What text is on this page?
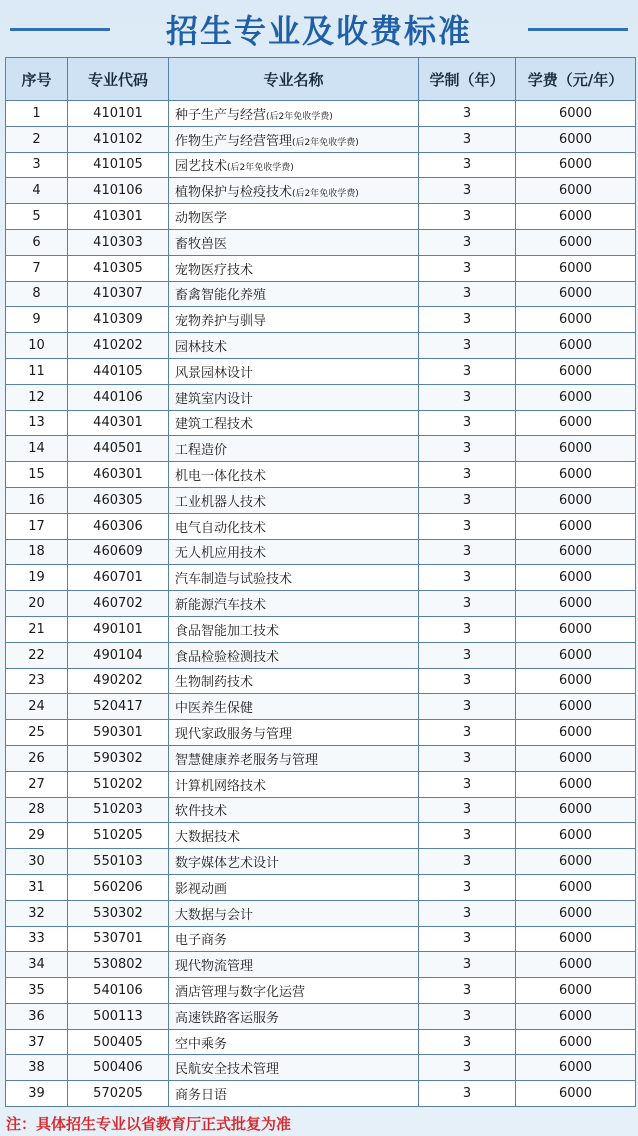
招生专业及收费标准
序号	专业代码	专业名称	学制（年）	学费（元/年）
1	410101	种子生产与经营(后2年免收学费)	3	6000
2	410102	作物生产与经营管理(后2年免收学费)	3	6000
3	410105	园艺技术(后2年免收学费)	3	6000
4	410106	植物保护与检疫技术(后2年免收学费)	3	6000
5	410301	动物医学	3	6000
6	410303	畜牧兽医	3	6000
7	410305	宠物医疗技术	3	6000
8	410307	畜禽智能化养殖	3	6000
9	410309	宠物养护与驯导	3	6000
10	410202	园林技术	3	6000
11	440105	风景园林设计	3	6000
12	440106	建筑室内设计	3	6000
13	440301	建筑工程技术	3	6000
14	440501	工程造价	3	6000
15	460301	机电一体化技术	3	6000
16	460305	工业机器人技术	3	6000
17	460306	电气自动化技术	3	6000
18	460609	无人机应用技术	3	6000
19	460701	汽车制造与试验技术	3	6000
20	460702	新能源汽车技术	3	6000
21	490101	食品智能加工技术	3	6000
22	490104	食品检验检测技术	3	6000
23	490202	生物制药技术	3	6000
24	520417	中医养生保健	3	6000
25	590301	现代家政服务与管理	3	6000
26	590302	智慧健康养老服务与管理	3	6000
27	510202	计算机网络技术	3	6000
28	510203	软件技术	3	6000
29	510205	大数据技术	3	6000
30	550103	数字媒体艺术设计	3	6000
31	560206	影视动画	3	6000
32	530302	大数据与会计	3	6000
33	530701	电子商务	3	6000
34	530802	现代物流管理	3	6000
35	540106	酒店管理与数字化运营	3	6000
36	500113	高速铁路客运服务	3	6000
37	500405	空中乘务	3	6000
38	500406	民航安全技术管理	3	6000
39	570205	商务日语	3	6000
注：具体招生专业以省教育厅正式批复为准
